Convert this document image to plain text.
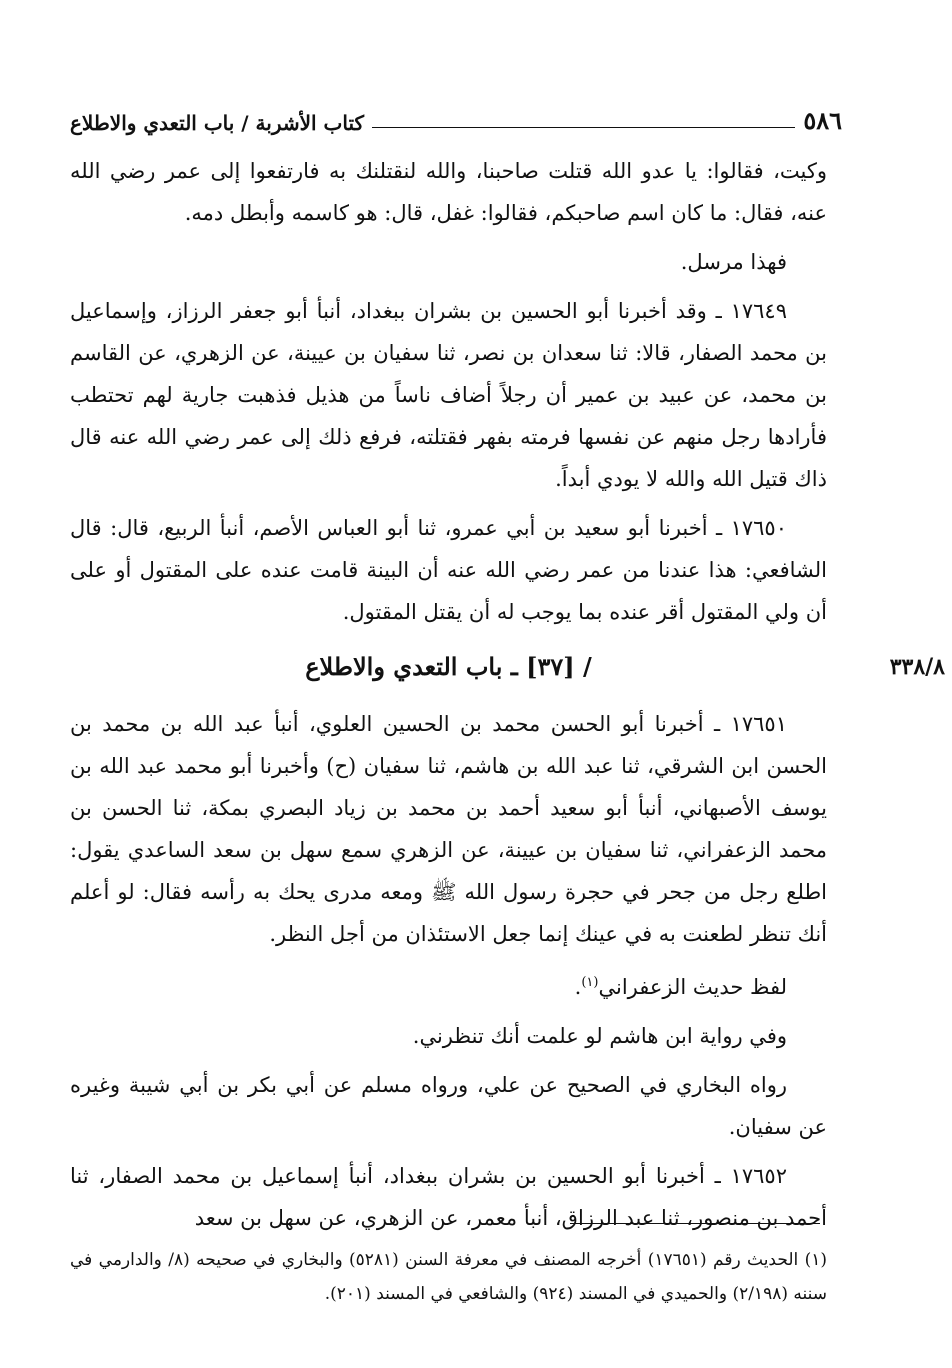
٥٨٦
كتاب الأشربة / باب التعدي والاطلاع

وكيت، فقالوا: يا عدو الله قتلت صاحبنا، والله لنقتلنك به فارتفعوا إلى عمر رضي الله عنه، فقال: ما كان اسم صاحبكم، فقالوا: غفل، قال: هو كاسمه وأبطل دمه.

فهذا مرسل.

١٧٦٤٩ ـ وقد أخبرنا أبو الحسين بن بشران ببغداد، أنبأ أبو جعفر الرزاز، وإسماعيل بن محمد الصفار، قالا: ثنا سعدان بن نصر، ثنا سفيان بن عيينة، عن الزهري، عن القاسم بن محمد، عن عبيد بن عمير أن رجلاً أضاف ناساً من هذيل فذهبت جارية لهم تحتطب فأرادها رجل منهم عن نفسها فرمته بفهر فقتلته، فرفع ذلك إلى عمر رضي الله عنه قال ذاك قتيل الله والله لا يودي أبداً.

١٧٦٥٠ ـ أخبرنا أبو سعيد بن أبي عمرو، ثنا أبو العباس الأصم، أنبأ الربيع، قال: قال الشافعي: هذا عندنا من عمر رضي الله عنه أن البينة قامت عنده على المقتول أو على أن ولي المقتول أقر عنده بما يوجب له أن يقتل المقتول.

/ [٣٧] ـ باب التعدي والاطلاع	٣٣٨/٨

١٧٦٥١ ـ أخبرنا أبو الحسن محمد بن الحسين العلوي، أنبأ عبد الله بن محمد بن الحسن ابن الشرقي، ثنا عبد الله بن هاشم، ثنا سفيان (ح) وأخبرنا أبو محمد عبد الله بن يوسف الأصبهاني، أنبأ أبو سعيد أحمد بن محمد بن زياد البصري بمكة، ثنا الحسن بن محمد الزعفراني، ثنا سفيان بن عيينة، عن الزهري سمع سهل بن سعد الساعدي يقول: اطلع رجل من جحر في حجرة رسول الله ﷺ ومعه مدرى يحك به رأسه فقال: لو أعلم أنك تنظر لطعنت به في عينك إنما جعل الاستئذان من أجل النظر.

لفظ حديث الزعفراني$^{(١)}$.

وفي رواية ابن هاشم لو علمت أنك تنظرني.

رواه البخاري في الصحيح عن علي، ورواه مسلم عن أبي بكر بن أبي شيبة وغيره عن سفيان.

١٧٦٥٢ ـ أخبرنا أبو الحسين بن بشران ببغداد، أنبأ إسماعيل بن محمد الصفار، ثنا أحمد بن منصور، ثنا عبد الرزاق، أنبأ معمر، عن الزهري، عن سهل بن سعد

(١) الحديث رقم (١٧٦٥١) أخرجه المصنف في معرفة السنن (٥٢٨١) والبخاري في صحيحه (٨/ والدارمي في سننه (٢/١٩٨) والحميدي في المسند (٩٢٤) والشافعي في المسند (٢٠١).
